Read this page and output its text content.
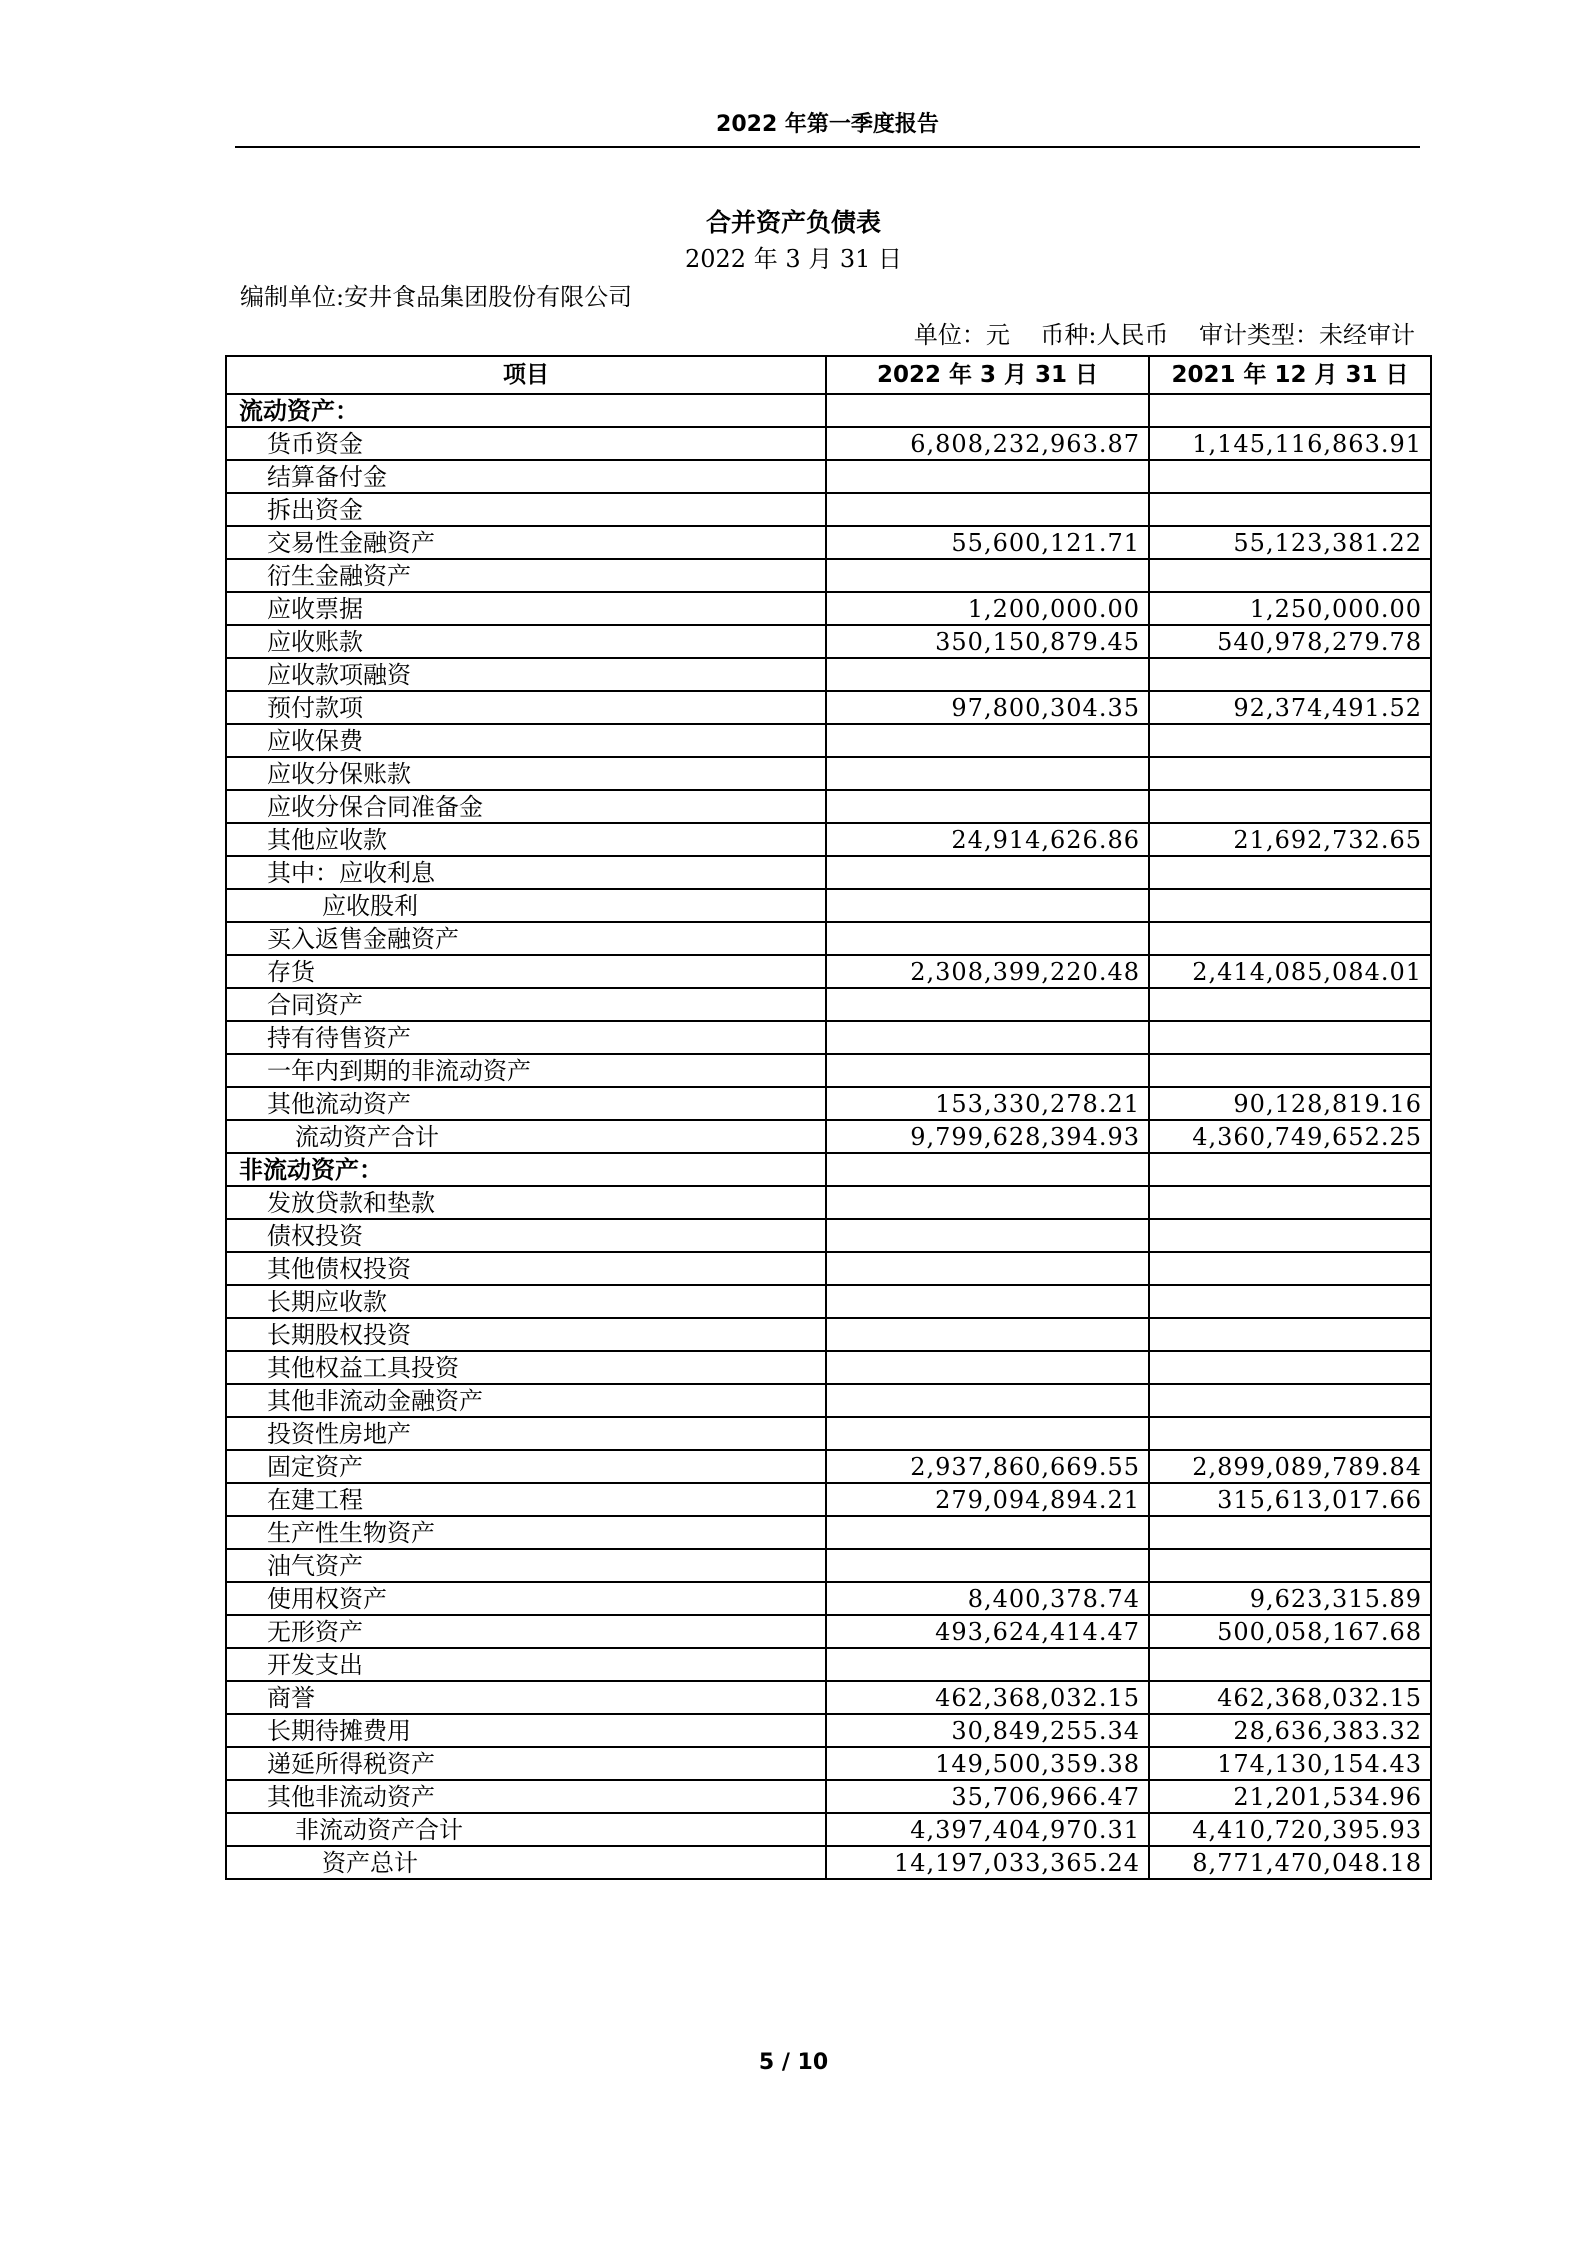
2022 年第一季度报告
合并资产负债表
2022 年 3 月 31 日
编制单位:安井食品集团股份有限公司
单位：元    币种:人民币    审计类型：未经审计
项目	2022 年 3 月 31 日	2021 年 12 月 31 日
流动资产：		
货币资金	6,808,232,963.87	1,145,116,863.91
结算备付金		
拆出资金		
交易性金融资产	55,600,121.71	55,123,381.22
衍生金融资产		
应收票据	1,200,000.00	1,250,000.00
应收账款	350,150,879.45	540,978,279.78
应收款项融资		
预付款项	97,800,304.35	92,374,491.52
应收保费		
应收分保账款		
应收分保合同准备金		
其他应收款	24,914,626.86	21,692,732.65
其中：应收利息		
应收股利		
买入返售金融资产		
存货	2,308,399,220.48	2,414,085,084.01
合同资产		
持有待售资产		
一年内到期的非流动资产		
其他流动资产	153,330,278.21	90,128,819.16
流动资产合计	9,799,628,394.93	4,360,749,652.25
非流动资产：		
发放贷款和垫款		
债权投资		
其他债权投资		
长期应收款		
长期股权投资		
其他权益工具投资		
其他非流动金融资产		
投资性房地产		
固定资产	2,937,860,669.55	2,899,089,789.84
在建工程	279,094,894.21	315,613,017.66
生产性生物资产		
油气资产		
使用权资产	8,400,378.74	9,623,315.89
无形资产	493,624,414.47	500,058,167.68
开发支出		
商誉	462,368,032.15	462,368,032.15
长期待摊费用	30,849,255.34	28,636,383.32
递延所得税资产	149,500,359.38	174,130,154.43
其他非流动资产	35,706,966.47	21,201,534.96
非流动资产合计	4,397,404,970.31	4,410,720,395.93
资产总计	14,197,033,365.24	8,771,470,048.18
5 / 10
